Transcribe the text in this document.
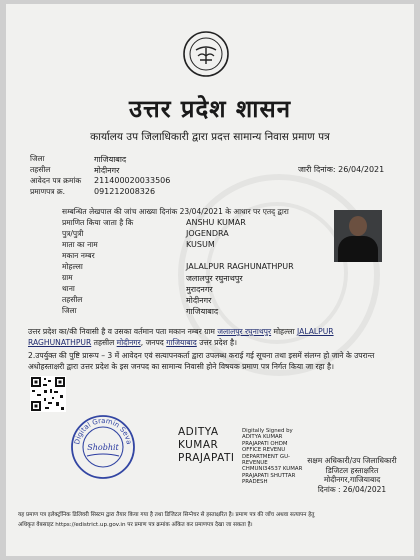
उत्तर प्रदेश शासन
कार्यालय उप जिलाधिकारी द्वारा प्रदत्त सामान्य निवास प्रमाण पत्र
जिला	गाजियाबाद
तहसील	मोदीनगर
आवेदन पत्र क्रमांक 211400020033506
प्रमाणपत्र क्र.	091212008326
जारी दिनांक: 26/04/2021
सम्बन्धित लेखपाल की जांच आख्या दिनांक 23/04/2021 के आधार पर एतद् द्वारा
प्रमाणित किया जाता है कि	ANSHU KUMAR
पुत्र/पुत्री	JOGENDRA
माता का नाम	KUSUM
मकान नम्बर
मोहल्ला	JALALPUR RAGHUNATHPUR
ग्राम	जलालपुर रघुनाथपुर
थाना	मुरादनगर
तहसील	मोदीनगर
जिला	गाजियाबाद
उत्तर प्रदेश का/की निवासी है व उसका वर्तमान पता मकान नम्बर ग्राम जलालपुर रघुनाथपुर मोहल्ला JALALPUR RAGHUNATHPUR तहसील मोदीनगर, जनपद गाजियाबाद उत्तर प्रदेश है।
2.उपर्युक्त की पुष्टि प्रारूप – 3 में आवेदन एवं सत्यापनकर्ता द्वारा उपलब्ध कराई गई सूचना तथा इसमें संलग्न हो जाने के उपरान्त अधोहस्ताक्षरी द्वारा उत्तर प्रदेश के इस जनपद का सामान्य निवासी होने विषयक प्रमाण पत्र निर्गत किया जा रहा है।
Digital Gramin Seva
Shobhit
ADITYA
KUMAR
PRAJAPATI
Digitally Signed by ADITYA KUMAR PRAJAPATI OHDM OFFICE REVENU DEPARTMENT GU-REVENUE CHMUNI34537 KUMAR PRAJAPATI SHUTTAR PRADESH
सक्षम अधिकारी/उप जिलाधिकारी
डिजिटल हस्ताक्षरित
मोदीनगर,गाजियाबाद
दिनांक : 26/04/2021
यह प्रमाण पत्र इलेक्ट्रॉनिक डिलिवरी सिस्टम द्वारा तैयार किया गया है तथा डिजिटल सिग्नेचर से हस्ताक्षरित है। प्रमाण पत्र की जाँच अथवा सत्यापन हेतु
अधिकृत वेबसाइट https://edistrict.up.gov.in पर प्रमाण पत्र क्रमांक अंकित कर प्रमाणपत्र देखा जा सकता है।
